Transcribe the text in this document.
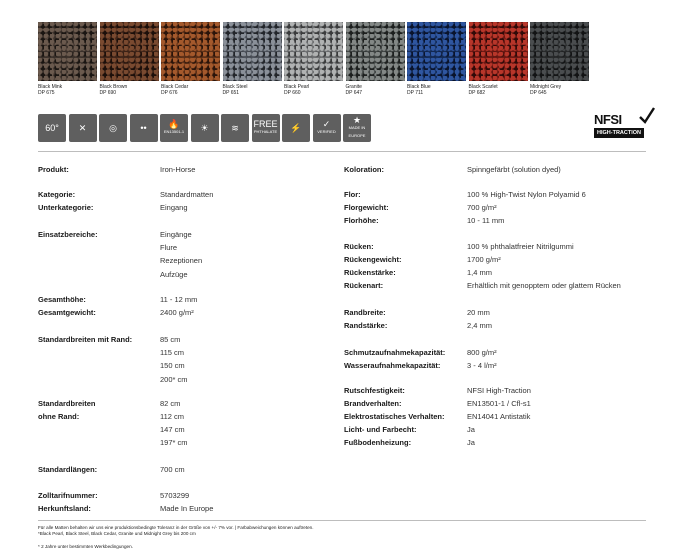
Black Mink
DP 675
Black Brown
DP 690
Black Cedar
DP 676
Black Steel
DP 651
Black Pearl
DP 660
Granite
DP 647
Black Blue
DP 711
Black Scarlet
DP 682
Midnight Grey
DP 645
60° ✕	◎	••	🔥
EN13501-1 ☀	≋ FREE
PHTHALATE ⚡	✓
VERIFIED
★
MADE IN EUROPE
NFSI
HIGH-TRACTION
Produkt:	Iron-Horse
Kategorie:	Standardmatten
Unterkategorie:	Eingang
Einsatzbereiche:	Eingänge
Flure
Rezeptionen
Aufzüge
Gesamthöhe:	11 - 12 mm
Gesamtgewicht:	2400 g/m²
Standardbreiten mit Rand:	85 cm
115 cm
150 cm
200* cm
Standardbreiten	82 cm
ohne Rand:	112 cm
147 cm
197* cm
Standardlängen:	700 cm
Zolltarifnummer:	5703299
Herkunftsland:	Made In Europe
Koloration:	Spinngefärbt (solution dyed)
Flor:	100 % High-Twist Nylon Polyamid 6
Florgewicht:	700 g/m²
Florhöhe:	10 - 11 mm
Rücken:	100 % phthalatfreier Nitrilgummi
Rückengewicht:	1700 g/m²
Rückenstärke:	1,4 mm
Rückenart:	Erhältlich mit genopptem oder glattem Rücken
Randbreite:	20 mm
Randstärke:	2,4 mm
Schmutzaufnahmekapazität:	800 g/m²
Wasseraufnahmekapazität:	3 - 4 l/m²
Rutschfestigkeit:	NFSI High-Traction
Brandverhalten:	EN13501-1 / Cfl-s1
Elektrostatisches Verhalten:	EN14041 Antistatik
Licht- und Farbecht:	Ja
Fußbodenheizung:	Ja
Für alle Matten behalten wir uns eine produktionsbedingte Toleranz in der Größe von +/- 7% vor. | Farbabweichungen können auftreten.
*Black Pearl, Black Steel, Black Cedar, Granite und Midnight Grey bis 200 cm
* 2 Jahre unter bestimmten Werkbedingungen.
